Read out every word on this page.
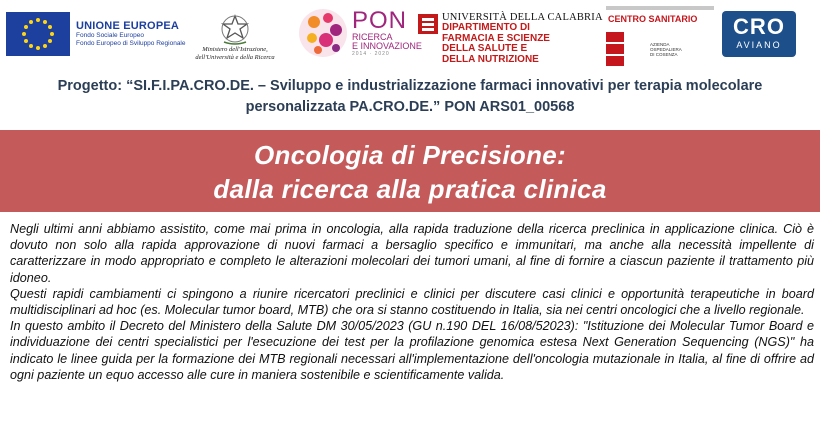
UNIONE EUROPEA
Fondo Sociale Europeo
Fondo Europeo di Sviluppo Regionale
Ministero dell'Istruzione,
dell'Università e della Ricerca
PON
RICERCA
E INNOVAZIONE
2014 · 2020
UNIVERSITÀ DELLA CALABRIA
DIPARTIMENTO DI
FARMACIA E SCIENZE
DELLA SALUTE E
DELLA NUTRIZIONE
CENTRO SANITARIO
AZIENDA
OSPEDALIERA
DI COSENZA
CRO
AVIANO
Progetto: “SI.F.I.PA.CRO.DE. – Sviluppo e industrializzazione farmaci innovativi per terapia molecolare
personalizzata PA.CRO.DE.” PON ARS01_00568
Oncologia di Precisione:
dalla ricerca alla pratica clinica

Negli ultimi anni abbiamo assistito, come mai prima in oncologia, alla rapida traduzione della ricerca preclinica in applicazione clinica. Ciò è dovuto non solo alla rapida approvazione di nuovi farmaci a bersaglio specifico e immunitari, ma anche alla necessità impellente di caratterizzare in modo appropriato e completo le alterazioni molecolari dei tumori umani, al fine di fornire a ciascun paziente il trattamento più idoneo.

Questi rapidi cambiamenti ci spingono a riunire ricercatori preclinici e clinici per discutere casi clinici e opportunità terapeutiche in board multidisciplinari ad hoc (es. Molecular tumor board, MTB) che ora si stanno costituendo in Italia, sia nei centri oncologici che a livello regionale.

In questo ambito il Decreto del Ministero della Salute DM 30/05/2023 (GU n.190 DEL 16/08/52023): "Istituzione dei Molecular Tumor Board e individuazione dei centri specialistici per l'esecuzione dei test per la profilazione genomica estesa Next Generation Sequencing (NGS)" ha indicato le linee guida per la formazione dei MTB regionali necessari all'implementazione dell'oncologia mutazionale in Italia, al fine di offrire ad ogni paziente un equo accesso alle cure in maniera sostenibile e scientificamente valida.
